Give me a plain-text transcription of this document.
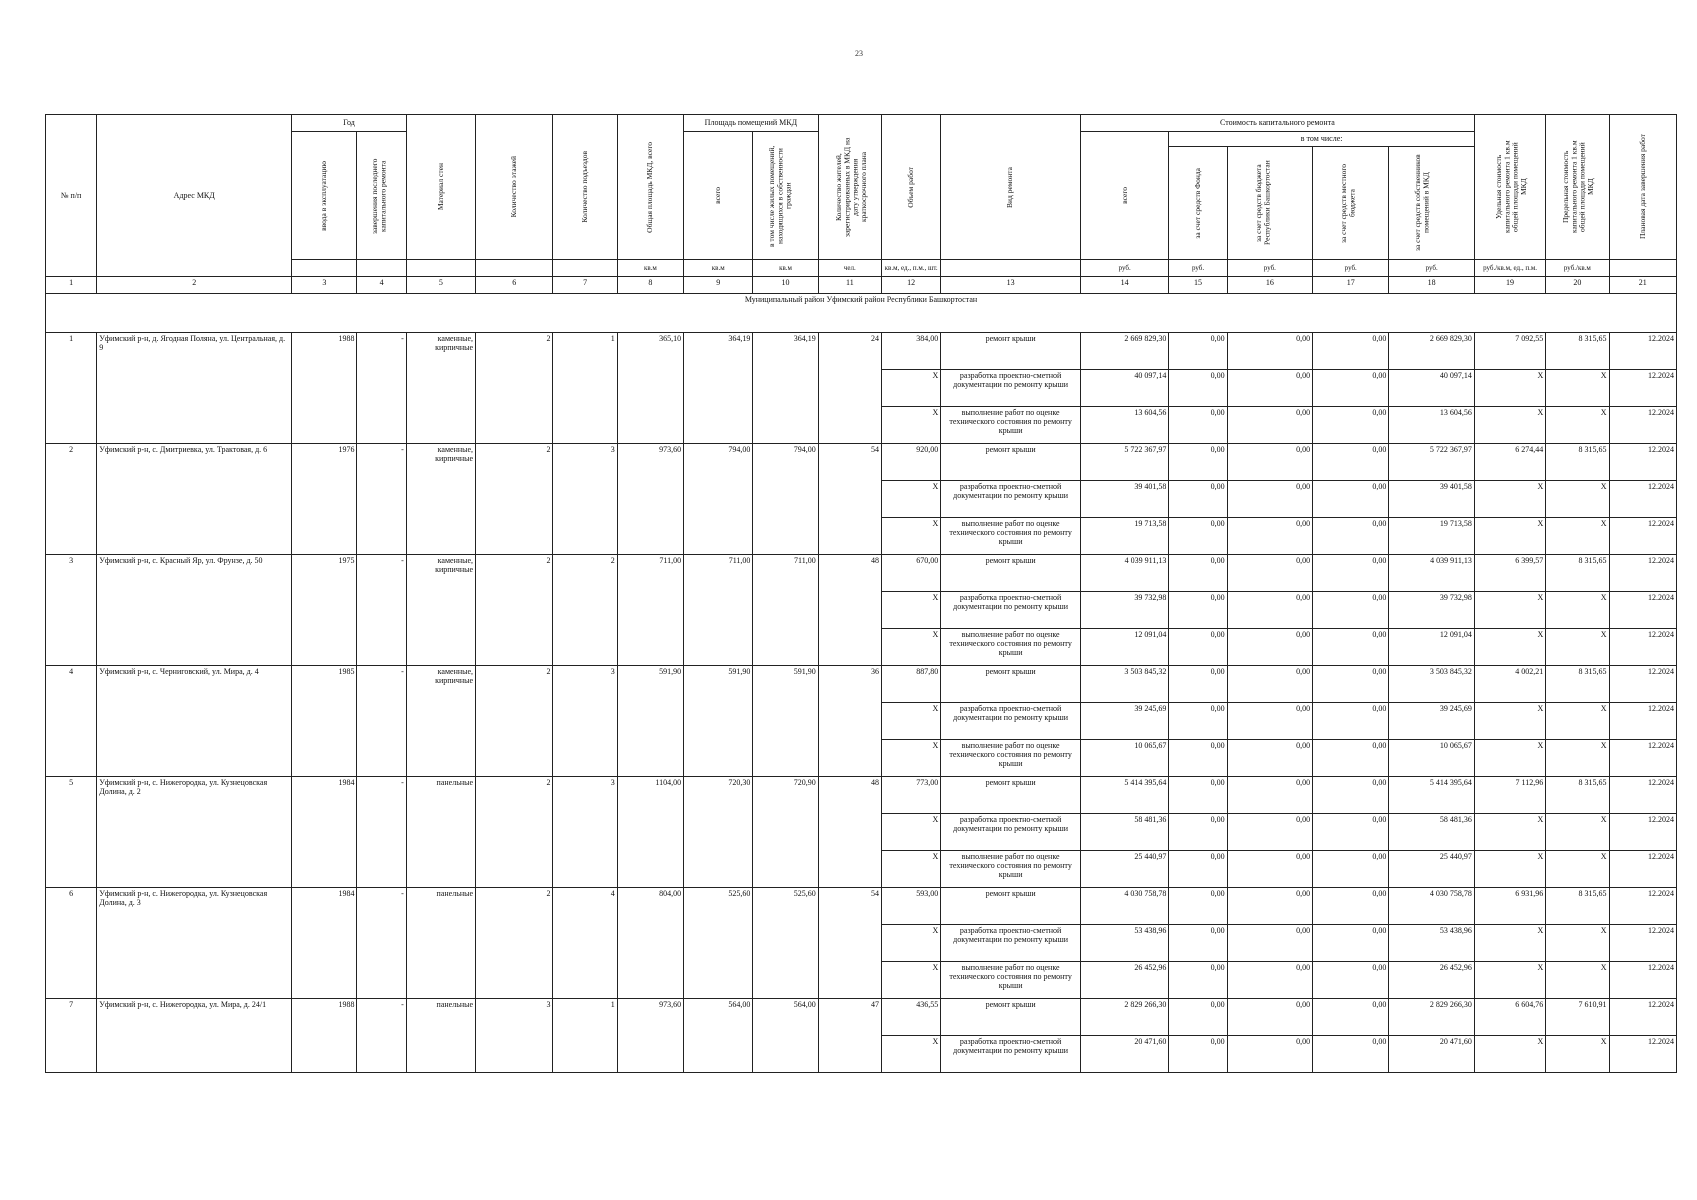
23
№ п/п	Адрес МКД	Год		Материал стен	Количество этажей	Количество подъездов	Общая площадь МКД, всего	Площадь помещений МКД		Количество жителей, зарегистрированных в МКД на дату утверждения краткосрочного плана	Объем работ	Вид ремонта	Стоимость капитального ремонта					Удельная стоимость капитального ремонта 1 кв.м общей площади помещений МКД	Предельная стоимость капитального ремонта 1 кв.м общей площади помещений МКД	Плановая дата завершения работ

		ввода в эксплуатацию	завершения последнего капитального ремонта					всего	в том числе жилых помещений, находящихся в собственности граждан				всего	в том числе:						

														за счет средств Фонда	за счет средств бюджета Республики Башкортостан	за счет средств местного бюджета	за счет средств собственников помещений в МКД			

							кв.м	кв.м	кв.м	чел.	кв.м, ед., п.м., шт.		руб.	руб.	руб.	руб.	руб.	руб./кв.м, ед., п.м.	руб./кв.м	
1	2	3	4	5	6	7	8	9	10	11	12	13	14	15	16	17	18	19	20	21
Муниципальный район Уфимский район Республики Башкортостан																				
1	Уфимский р-н, д. Ягодная Поляна, ул. Центральная, д. 9	1988	-	каменные, кирпичные	2	1	365,10	364,19	364,19	24	384,00	ремонт крыши	2 669 829,30	0,00	0,00	0,00	2 669 829,30	7 092,55	8 315,65	12.2024
											X	разработка проектно-сметной документации по ремонту крыши	40 097,14	0,00	0,00	0,00	40 097,14	X	X	12.2024
											X	выполнение работ по оценке технического состояния по ремонту крыши	13 604,56	0,00	0,00	0,00	13 604,56	X	X	12.2024
2	Уфимский р-н, с. Дмитриевка, ул. Трактовая, д. 6	1976	-	каменные, кирпичные	2	3	973,60	794,00	794,00	54	920,00	ремонт крыши	5 722 367,97	0,00	0,00	0,00	5 722 367,97	6 274,44	8 315,65	12.2024
											X	разработка проектно-сметной документации по ремонту крыши	39 401,58	0,00	0,00	0,00	39 401,58	X	X	12.2024
											X	выполнение работ по оценке технического состояния по ремонту крыши	19 713,58	0,00	0,00	0,00	19 713,58	X	X	12.2024
3	Уфимский р-н, с. Красный Яр, ул. Фрунзе, д. 50	1975	-	каменные, кирпичные	2	2	711,00	711,00	711,00	48	670,00	ремонт крыши	4 039 911,13	0,00	0,00	0,00	4 039 911,13	6 399,57	8 315,65	12.2024
											X	разработка проектно-сметной документации по ремонту крыши	39 732,98	0,00	0,00	0,00	39 732,98	X	X	12.2024
											X	выполнение работ по оценке технического состояния по ремонту крыши	12 091,04	0,00	0,00	0,00	12 091,04	X	X	12.2024
4	Уфимский р-н, с. Черниговский, ул. Мира, д. 4	1985	-	каменные, кирпичные	2	3	591,90	591,90	591,90	36	887,80	ремонт крыши	3 503 845,32	0,00	0,00	0,00	3 503 845,32	4 002,21	8 315,65	12.2024
											X	разработка проектно-сметной документации по ремонту крыши	39 245,69	0,00	0,00	0,00	39 245,69	X	X	12.2024
											X	выполнение работ по оценке технического состояния по ремонту крыши	10 065,67	0,00	0,00	0,00	10 065,67	X	X	12.2024
5	Уфимский р-н, с. Нижегородка, ул. Кузнецовская Долина, д. 2	1984	-	панельные	2	3	1104,00	720,30	720,90	48	773,00	ремонт крыши	5 414 395,64	0,00	0,00	0,00	5 414 395,64	7 112,96	8 315,65	12.2024
											X	разработка проектно-сметной документации по ремонту крыши	58 481,36	0,00	0,00	0,00	58 481,36	X	X	12.2024
											X	выполнение работ по оценке технического состояния по ремонту крыши	25 440,97	0,00	0,00	0,00	25 440,97	X	X	12.2024
6	Уфимский р-н, с. Нижегородка, ул. Кузнецовская Долина, д. 3	1984	-	панельные	2	4	804,00	525,60	525,60	54	593,00	ремонт крыши	4 030 758,78	0,00	0,00	0,00	4 030 758,78	6 931,96	8 315,65	12.2024
											X	разработка проектно-сметной документации по ремонту крыши	53 438,96	0,00	0,00	0,00	53 438,96	X	X	12.2024
											X	выполнение работ по оценке технического состояния по ремонту крыши	26 452,96	0,00	0,00	0,00	26 452,96	X	X	12.2024
7	Уфимский р-н, с. Нижегородка, ул. Мира, д. 24/1	1988	-	панельные	3	1	973,60	564,00	564,00	47	436,55	ремонт крыши	2 829 266,30	0,00	0,00	0,00	2 829 266,30	6 604,76	7 610,91	12.2024
											X	разработка проектно-сметной документации по ремонту крыши	20 471,60	0,00	0,00	0,00	20 471,60	X	X	12.2024
